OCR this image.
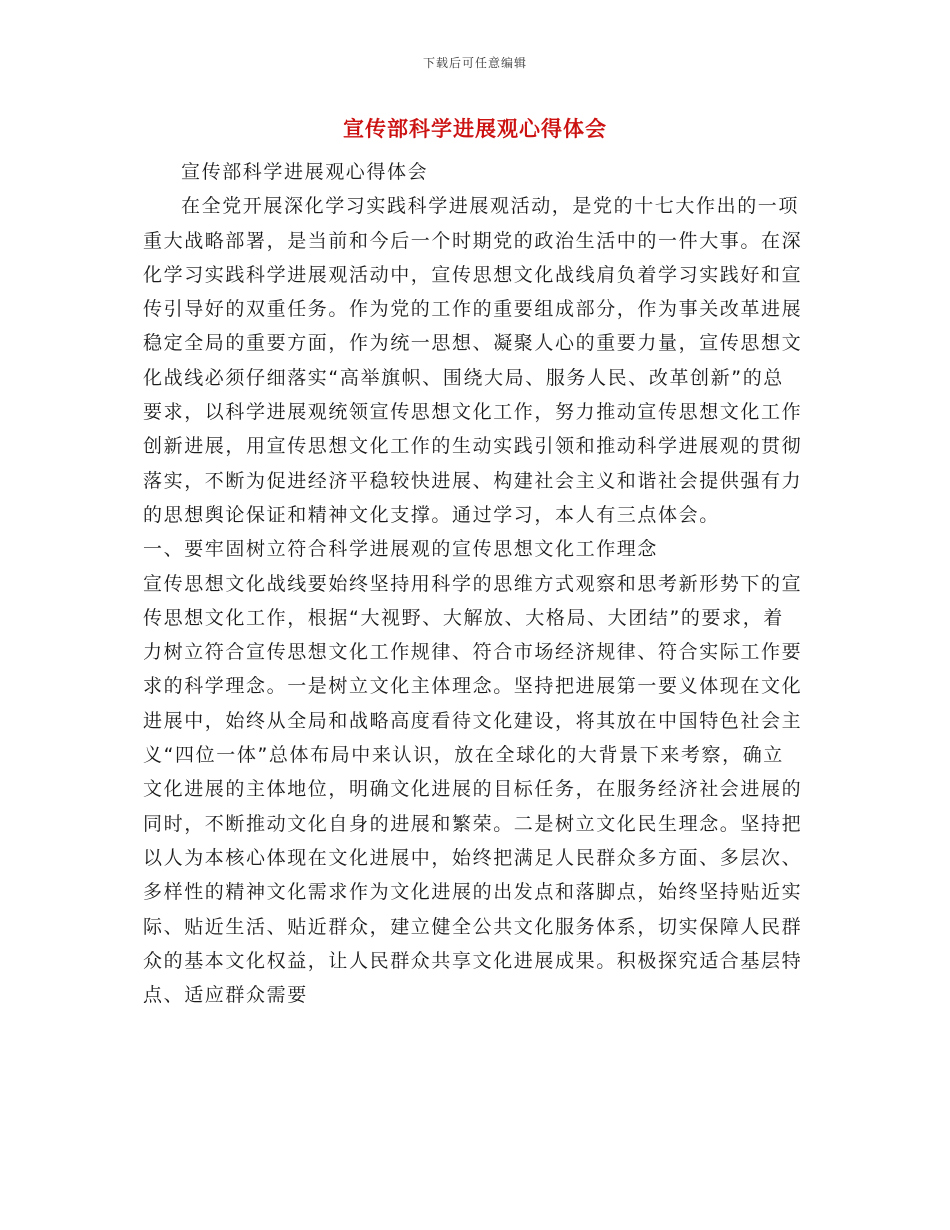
下载后可任意编辑
宣传部科学进展观心得体会

宣传部科学进展观心得体会

在全党开展深化学习实践科学进展观活动，是党的十七大作出的一项重大战略部署，是当前和今后一个时期党的政治生活中的一件大事。在深化学习实践科学进展观活动中，宣传思想文化战线肩负着学习实践好和宣传引导好的双重任务。作为党的工作的重要组成部分，作为事关改革进展稳定全局的重要方面，作为统一思想、凝聚人心的重要力量，宣传思想文化战线必须仔细落实“高举旗帜、围绕大局、服务人民、改革创新”的总要求，以科学进展观统领宣传思想文化工作，努力推动宣传思想文化工作创新进展，用宣传思想文化工作的生动实践引领和推动科学进展观的贯彻落实，不断为促进经济平稳较快进展、构建社会主义和谐社会提供强有力的思想舆论保证和精神文化支撑。通过学习，本人有三点体会。

一、要牢固树立符合科学进展观的宣传思想文化工作理念

宣传思想文化战线要始终坚持用科学的思维方式观察和思考新形势下的宣传思想文化工作，根据“大视野、大解放、大格局、大团结”的要求，着力树立符合宣传思想文化工作规律、符合市场经济规律、符合实际工作要求的科学理念。一是树立文化主体理念。坚持把进展第一要义体现在文化进展中，始终从全局和战略高度看待文化建设，将其放在中国特色社会主义“四位一体”总体布局中来认识，放在全球化的大背景下来考察，确立文化进展的主体地位，明确文化进展的目标任务，在服务经济社会进展的同时，不断推动文化自身的进展和繁荣。二是树立文化民生理念。坚持把以人为本核心体现在文化进展中，始终把满足人民群众多方面、多层次、多样性的精神文化需求作为文化进展的出发点和落脚点，始终坚持贴近实际、贴近生活、贴近群众，建立健全公共文化服务体系，切实保障人民群众的基本文化权益，让人民群众共享文化进展成果。积极探究适合基层特点、适应群众需要
